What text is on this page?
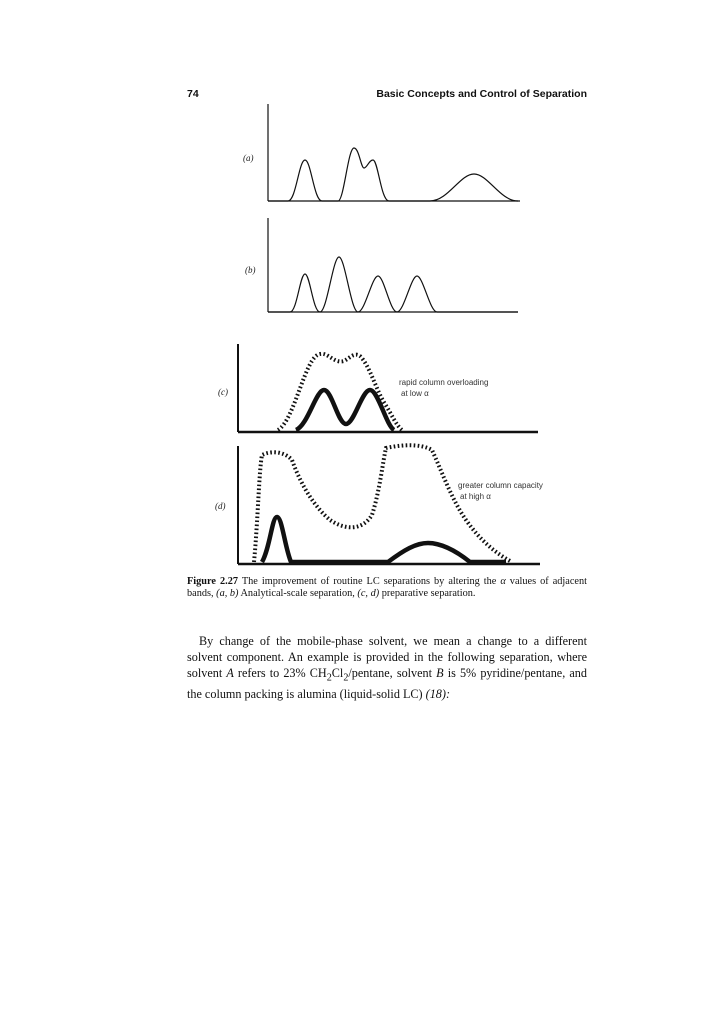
74	Basic Concepts and Control of Separation
(a)
(b)
(c)
rapid column overloading
at low α
(d)
greater column capacity
at high α
Figure 2.27 The improvement of routine LC separations by altering the α values of adjacent bands, (a, b) Analytical-scale separation, (c, d) preparative separation.
By change of the mobile-phase solvent, we mean a change to a different solvent component. An example is provided in the following separation, where solvent A refers to 23% $CH_2Cl_2$/pentane, solvent B is 5% pyridine/pentane, and the column packing is alumina (liquid-solid LC) (18):
